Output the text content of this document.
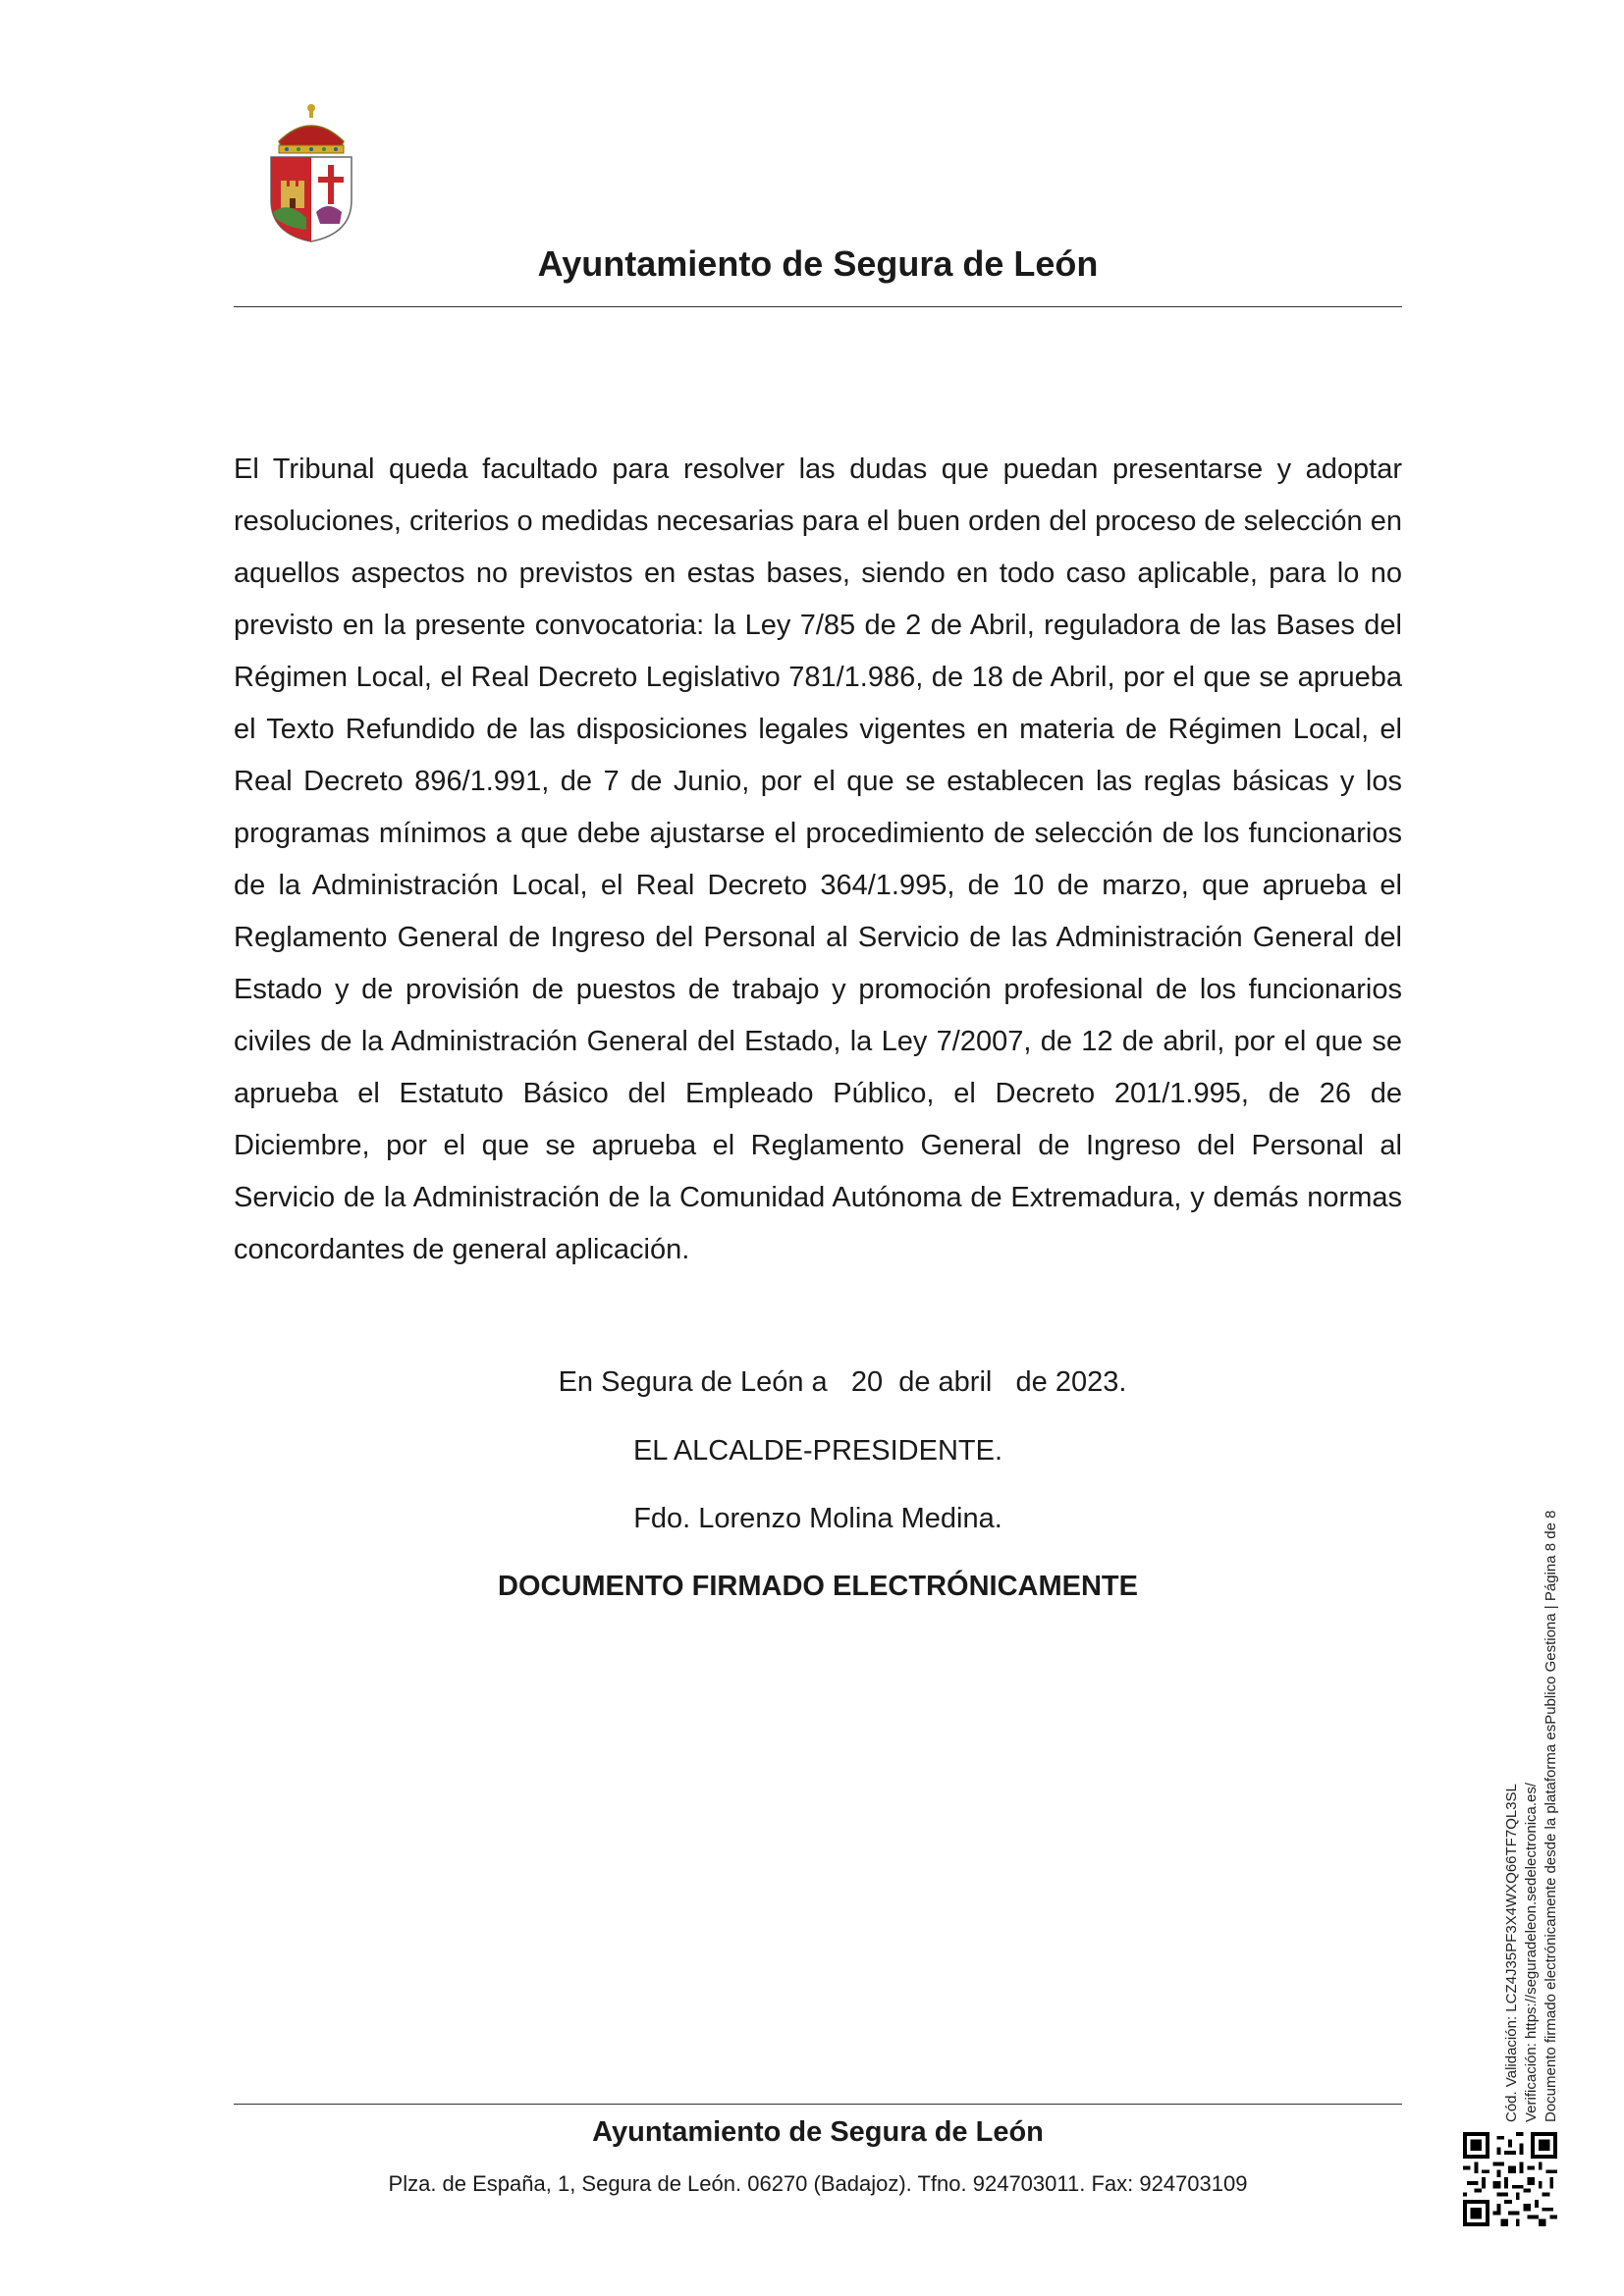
Ayuntamiento de Segura de León

El Tribunal queda facultado para resolver las dudas que puedan presentarse y adoptar resoluciones, criterios o medidas necesarias para el buen orden del proceso de selección en aquellos aspectos no previstos en estas bases, siendo en todo caso aplicable, para lo no previsto en la presente convocatoria: la Ley 7/85 de 2 de Abril, reguladora de las Bases del Régimen Local, el Real Decreto Legislativo 781/1.986, de 18 de Abril, por el que se aprueba el Texto Refundido de las disposiciones legales vigentes en materia de Régimen Local, el Real Decreto 896/1.991, de 7 de Junio, por el que se establecen las reglas básicas y los programas mínimos a que debe ajustarse el procedimiento de selección de los funcionarios de la Administración Local, el Real Decreto 364/1.995, de 10 de marzo, que aprueba el Reglamento General de Ingreso del Personal al Servicio de las Administración General del Estado y de provisión de puestos de trabajo y promoción profesional de los funcionarios civiles de la Administración General del Estado, la Ley 7/2007, de 12 de abril, por el que se aprueba el Estatuto Básico del Empleado Público, el Decreto 201/1.995, de 26 de Diciembre, por el que se aprueba el Reglamento General de Ingreso del Personal al Servicio de la Administración de la Comunidad Autónoma de Extremadura, y demás normas concordantes de general aplicación.

En Segura de León a   20  de abril   de 2023.
EL ALCALDE-PRESIDENTE.
Fdo. Lorenzo Molina Medina.
DOCUMENTO FIRMADO ELECTRÓNICAMENTE
Cód. Validación: LCZ4J35PF3X4WXQ66TF7QL3SL Verificación: https://seguradeleon.sedelectronica.es/ Documento firmado electrónicamente desde la plataforma esPublico Gestiona | Página 8 de 8
Ayuntamiento de Segura de León
Plza. de España, 1, Segura de León. 06270 (Badajoz). Tfno. 924703011. Fax: 924703109
